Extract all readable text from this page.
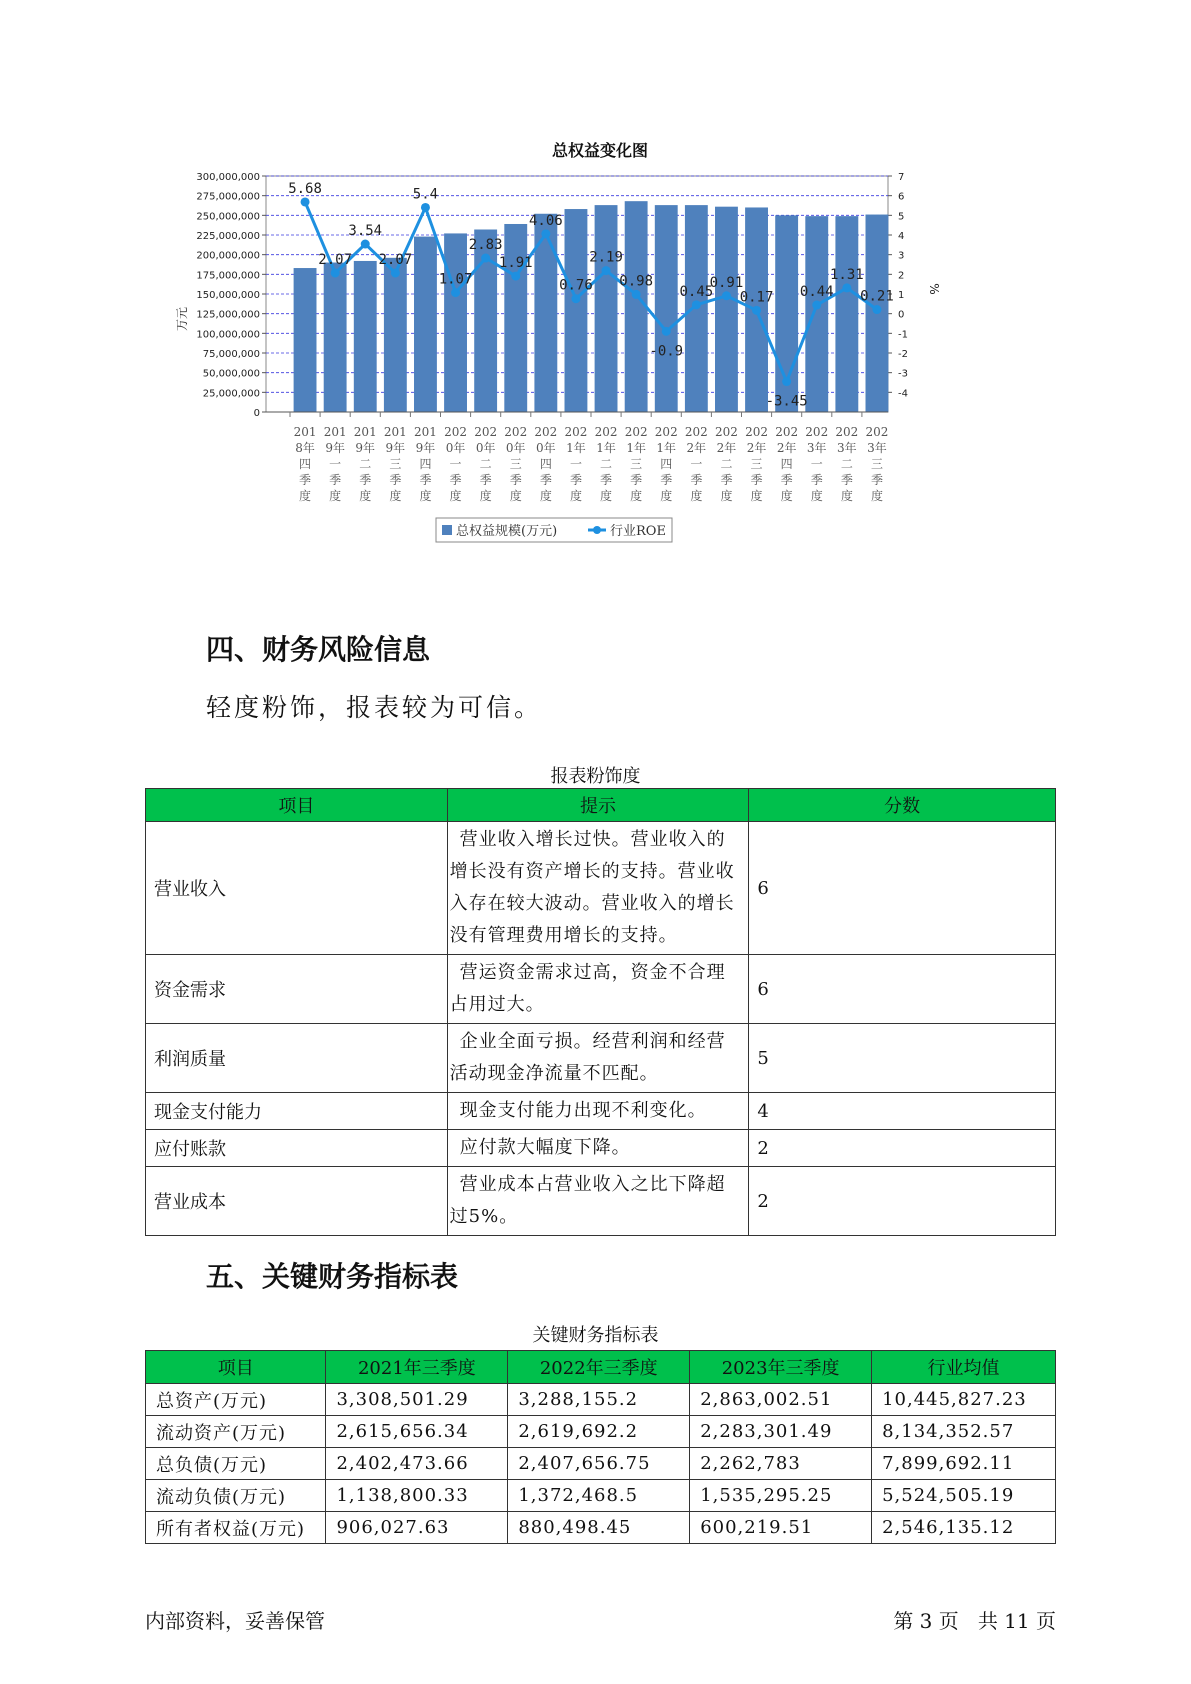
总权益变化图
0
25,000,000
50,000,000
75,000,000
100,000,000
125,000,000
150,000,000
175,000,000
200,000,000
225,000,000
250,000,000
275,000,000
300,000,000
-4
-3
-2
-1
0
1
2
3
4
5
6
7
万元
%
201
8年
四
季
度
201
9年
一
季
度
201
9年
二
季
度
201
9年
三
季
度
201
9年
四
季
度
202
0年
一
季
度
202
0年
二
季
度
202
0年
三
季
度
202
0年
四
季
度
202
1年
一
季
度
202
1年
二
季
度
202
1年
三
季
度
202
1年
四
季
度
202
2年
一
季
度
202
2年
二
季
度
202
2年
三
季
度
202
2年
四
季
度
202
3年
一
季
度
202
3年
二
季
度
202
3年
三
季
度
5.68
2.07
3.54
2.07
5.4
1.07
2.83
1.91
4.06
0.76
2.19
0.98
-0.9
0.45
0.91
0.17
-3.45
0.44
1.31
0.21
总权益规模(万元)	行业ROE
四、财务风险信息
轻度粉饰，报表较为可信。
报表粉饰度
项目	提示	分数
营业收入	营业收入增长过快。营业收入的
增长没有资产增长的支持。营业收
入存在较大波动。营业收入的增长
没有管理费用增长的支持。	6
资金需求	营运资金需求过高，资金不合理
占用过大。	6
利润质量	企业全面亏损。经营利润和经营
活动现金净流量不匹配。	5
现金支付能力	现金支付能力出现不利变化。	4
应付账款	应付款大幅度下降。	2
营业成本	营业成本占营业收入之比下降超
过5%。	2
五、关键财务指标表
关键财务指标表
项目	2021年三季度	2022年三季度	2023年三季度	行业均值
总资产(万元)	3,308,501.29	3,288,155.2	2,863,002.51	10,445,827.23
流动资产(万元)	2,615,656.34	2,619,692.2	2,283,301.49	8,134,352.57
总负债(万元)	2,402,473.66	2,407,656.75	2,262,783	7,899,692.11
流动负债(万元)	1,138,800.33	1,372,468.5	1,535,295.25	5,524,505.19
所有者权益(万元)	906,027.63	880,498.45	600,219.51	2,546,135.12
内部资料，妥善保管	第 3 页   共 11 页
